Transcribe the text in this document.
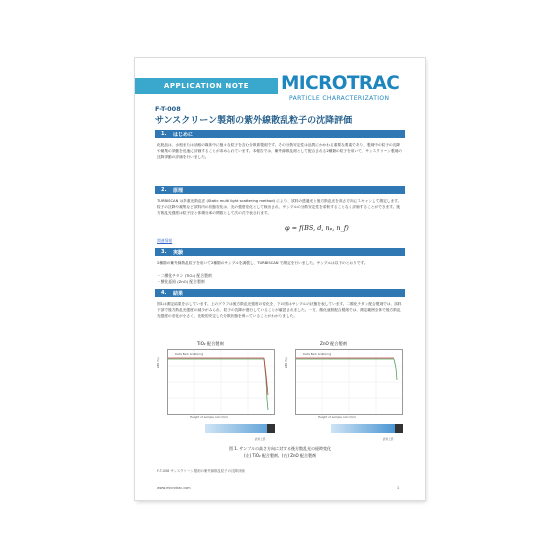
APPLICATION NOTE	MICROTRAC
PARTICLE CHARACTERIZATION
F-T-008
サンスクリーン製剤の紫外線散乱粒子の沈降評価
1.	はじめに
化粧品は、水相または油相の媒体中に様々な粒子を含む分散系製剤です。その分散安定性は品質にかかわる重要な要素であり、製剤中の粒子の沈降や凝集の挙動を迅速に評価することが求められています。本報告では、紫外線散乱剤として配合される2種類の粒子を用いて、サンスクリーン製剤の沈降挙動の評価を行いました。
2.	原理
TURBISCAN は多重光散乱法 (Static multi light scattering method) により、試料の透過光と後方散乱光を高さ方向にスキャンして測定します。粒子の沈降や凝集など試料内の状態変化は、光の強度変化として検出され、サンプルの分散安定性を希釈することなく評価することができます。後方散乱光強度は粒子径と体積分率の関数として次の式で表されます。
φ = f(BS, d, nₚ, n_f)
関連情報
3.	実験
2種類の紫外線散乱粒子を用いて2種類のサンプルを調製し、TURBISCAN で測定を行いました。サンプルは以下のとおりです。
・二酸化チタン (TiO₂) 配合製剤
・酸化亜鉛 (ZnO) 配合製剤
4.	結果
図1は測定結果を示しています。上のグラフは後方散乱光強度の変化を、下の図はサンプルの状態を表しています。二酸化チタン配合製剤では、試料下部で後方散乱光強度の減少がみられ、粒子の沈降が進行していることが確認されました。一方、酸化亜鉛配合製剤では、測定範囲全体で後方散乱光強度の変化が小さく、比較的安定した分散状態を保っていることがわかりました。
TiO₂ 配合製剤
ΔBS (%)
Delta Back Scattering
Height of sample cell (mm)
ZnO 配合製剤
ΔBS (%)
Delta Back Scattering
Height of sample cell (mm)
試料上部	試料上部
図 1. サンプルの高さ方向に対する後方散乱光の経時変化
(左) TiO₂ 配合製剤、(右) ZnO 配合製剤
F-T-008 サンスクリーン製剤の紫外線散乱粒子の沈降評価
www.microtrac.com	1
